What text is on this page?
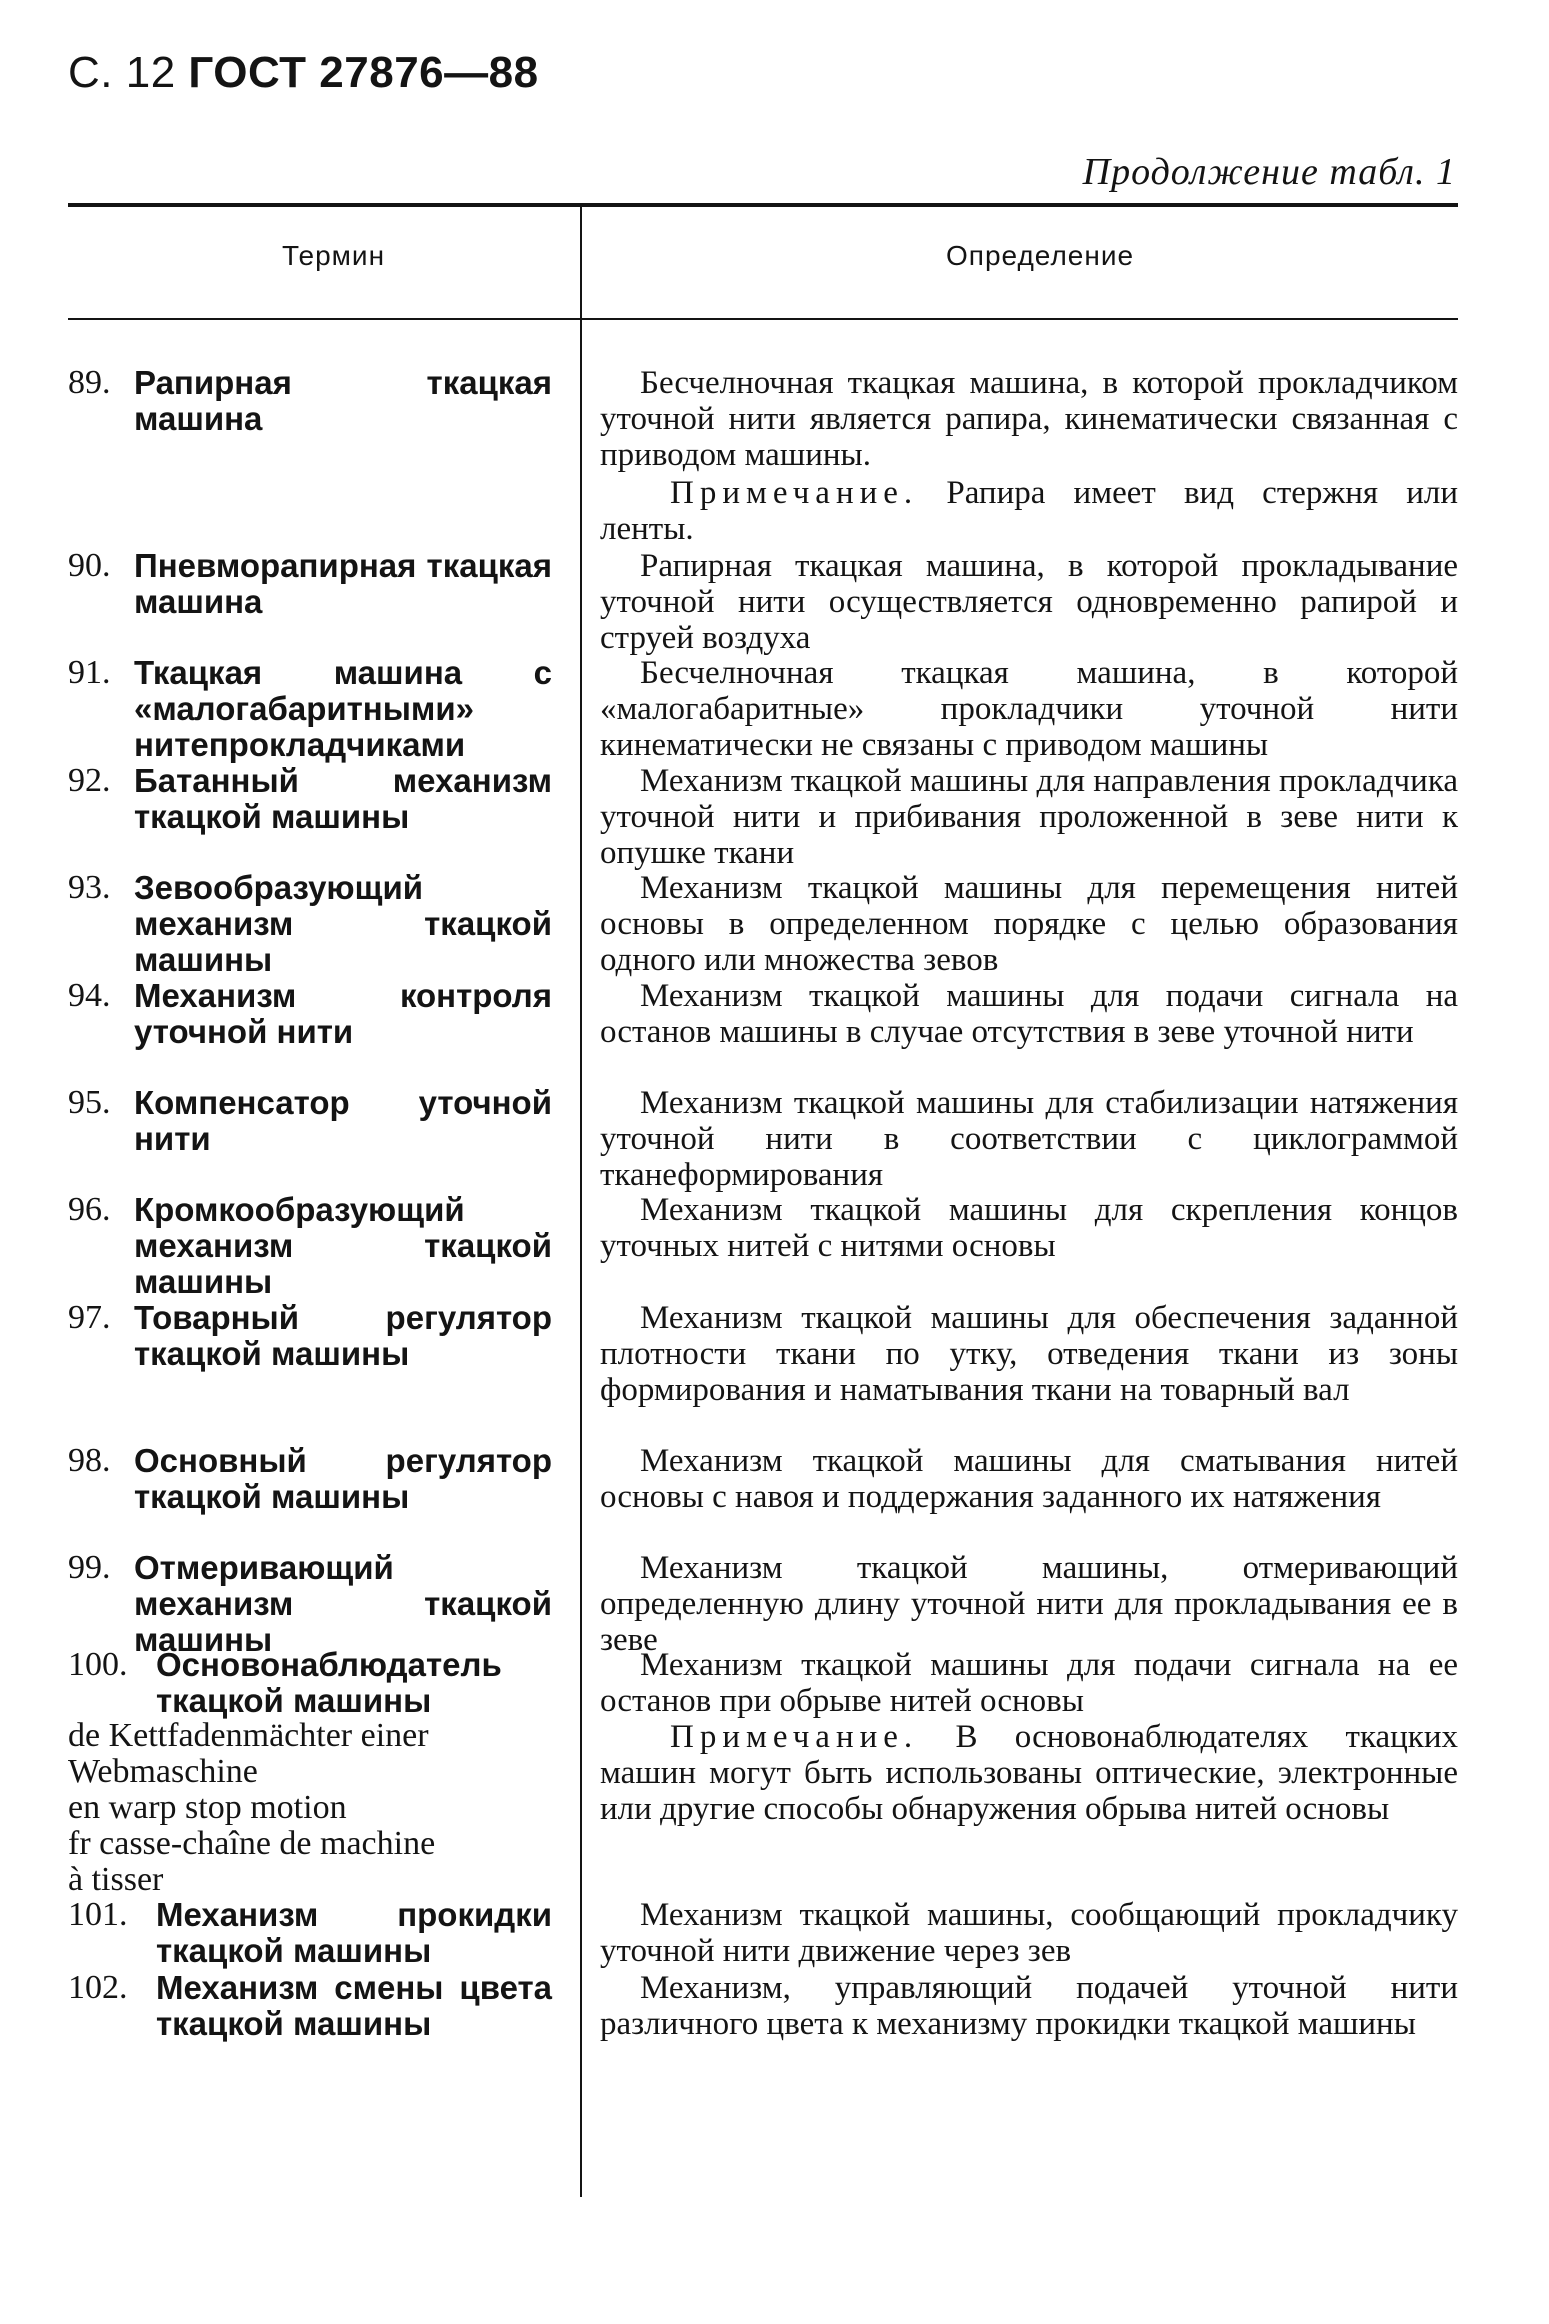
С. 12 ГОСТ 27876—88
Продолжение табл. 1
Термин	Определение
89. Рапирная ткацкая машина
Бесчелночная ткацкая машина, в которой прокладчиком уточной нити является рапира, кинематически связанная с приводом машины.
Примечание. Рапира имеет вид стержня или ленты.
90. Пневморапирная ткацкая машина
Рапирная ткацкая машина, в которой прокладывание уточной нити осуществляется одновременно рапирой и струей воздуха
91. Ткацкая машина с «малогабаритными» нитепрокладчиками
Бесчелночная ткацкая машина, в которой «малогабаритные» прокладчики уточной нити кинематически не связаны с приводом машины
92. Батанный механизм ткацкой машины
Механизм ткацкой машины для направления прокладчика уточной нити и прибивания проложенной в зеве нити к опушке ткани
93. Зевообразующий механизм ткацкой машины
Механизм ткацкой машины для перемещения нитей основы в определенном порядке с целью образования одного или множества зевов
94. Механизм контроля уточной нити
Механизм ткацкой машины для подачи сигнала на останов машины в случае отсутствия в зеве уточной нити
95. Компенсатор уточной нити
Механизм ткацкой машины для стабилизации натяжения уточной нити в соответствии с циклограммой тканеформирования
96. Кромкообразующий механизм ткацкой машины
Механизм ткацкой машины для скрепления концов уточных нитей с нитями основы
97. Товарный регулятор ткацкой машины
Механизм ткацкой машины для обеспечения заданной плотности ткани по утку, отведения ткани из зоны формирования и наматывания ткани на товарный вал
98. Основный регулятор ткацкой машины
Механизм ткацкой машины для сматывания нитей основы с навоя и поддержания заданного их натяжения
99. Отмеривающий механизм ткацкой машины
Механизм ткацкой машины, отмеривающий определенную длину уточной нити для прокладывания ее в зеве
100. Основонаблюдатель ткацкой машины
Механизм ткацкой машины для подачи сигнала на ее останов при обрыве нитей основы
Примечание. В основонаблюдателях ткацких машин могут быть использованы оптические, электронные или другие способы обнаружения обрыва нитей основы
de Kettfadenmächter einer
Webmaschine
en warp stop motion
fr casse-chaîne de machine
à tisser
101. Механизм прокидки ткацкой машины
Механизм ткацкой машины, сообщающий прокладчику уточной нити движение через зев
102. Механизм смены цвета ткацкой машины
Механизм, управляющий подачей уточной нити различного цвета к механизму прокидки ткацкой машины
